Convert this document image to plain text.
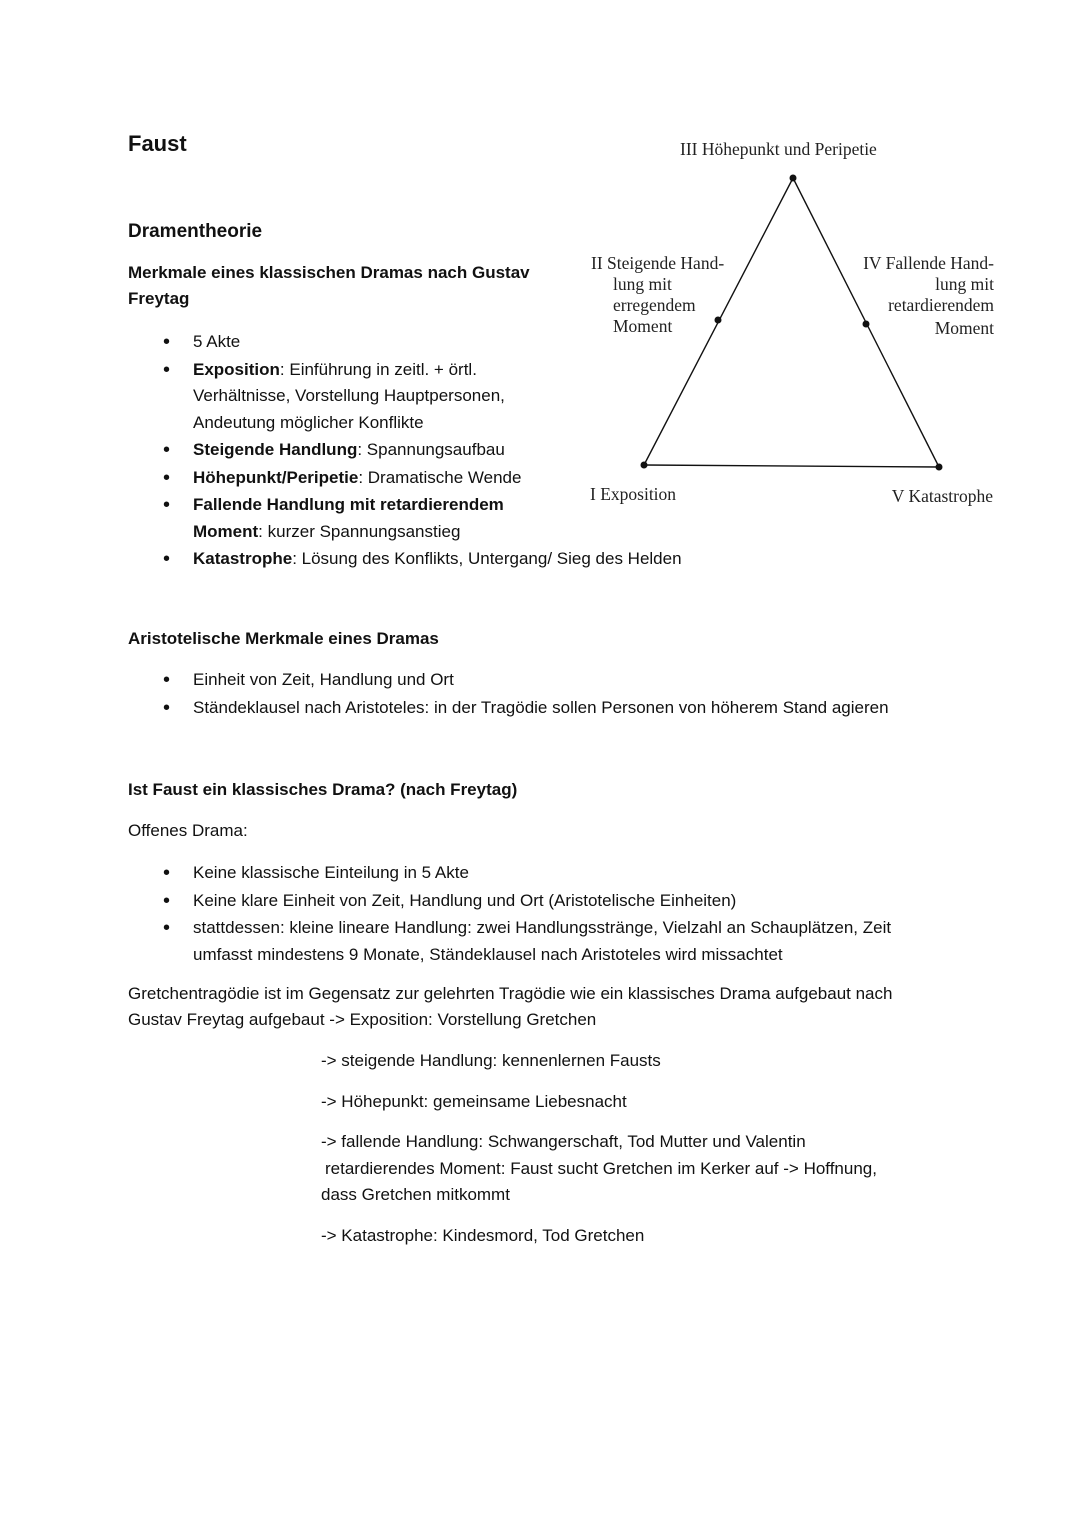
Faust
Dramentheorie
Merkmale eines klassischen Dramas nach Gustav
Freytag
• 5 Akte
• Exposition: Einführung in zeitl. + örtl. Verhältnisse, Vorstellung Hauptpersonen, Andeutung möglicher Konflikte
• Steigende Handlung: Spannungsaufbau
• Höhepunkt/Peripetie: Dramatische Wende
• Fallende Handlung mit retardierendem Moment: kurzer Spannungsanstieg
• Katastrophe: Lösung des Konflikts, Untergang/ Sieg des Helden
III Höhepunkt und Peripetie
II Steigende Hand-
lung mit
erregendem
Moment
IV Fallende Hand-
lung mit
retardierendem
Moment
I Exposition	V Katastrophe
Aristotelische Merkmale eines Dramas
• Einheit von Zeit, Handlung und Ort
• Ständeklausel nach Aristoteles: in der Tragödie sollen Personen von höherem Stand agieren
Ist Faust ein klassisches Drama? (nach Freytag)
Offenes Drama:
• Keine klassische Einteilung in 5 Akte
• Keine klare Einheit von Zeit, Handlung und Ort (Aristotelische Einheiten)
• stattdessen: kleine lineare Handlung: zwei Handlungsstränge, Vielzahl an Schauplätzen, Zeit umfasst mindestens 9 Monate, Ständeklausel nach Aristoteles wird missachtet
Gretchentragödie ist im Gegensatz zur gelehrten Tragödie wie ein klassisches Drama aufgebaut nach
Gustav Freytag aufgebaut -> Exposition: Vorstellung Gretchen
-> steigende Handlung: kennenlernen Fausts
-> Höhepunkt: gemeinsame Liebesnacht
-> fallende Handlung: Schwangerschaft, Tod Mutter und Valentin
retardierendes Moment: Faust sucht Gretchen im Kerker auf -> Hoffnung,
dass Gretchen mitkommt
-> Katastrophe: Kindesmord, Tod Gretchen
